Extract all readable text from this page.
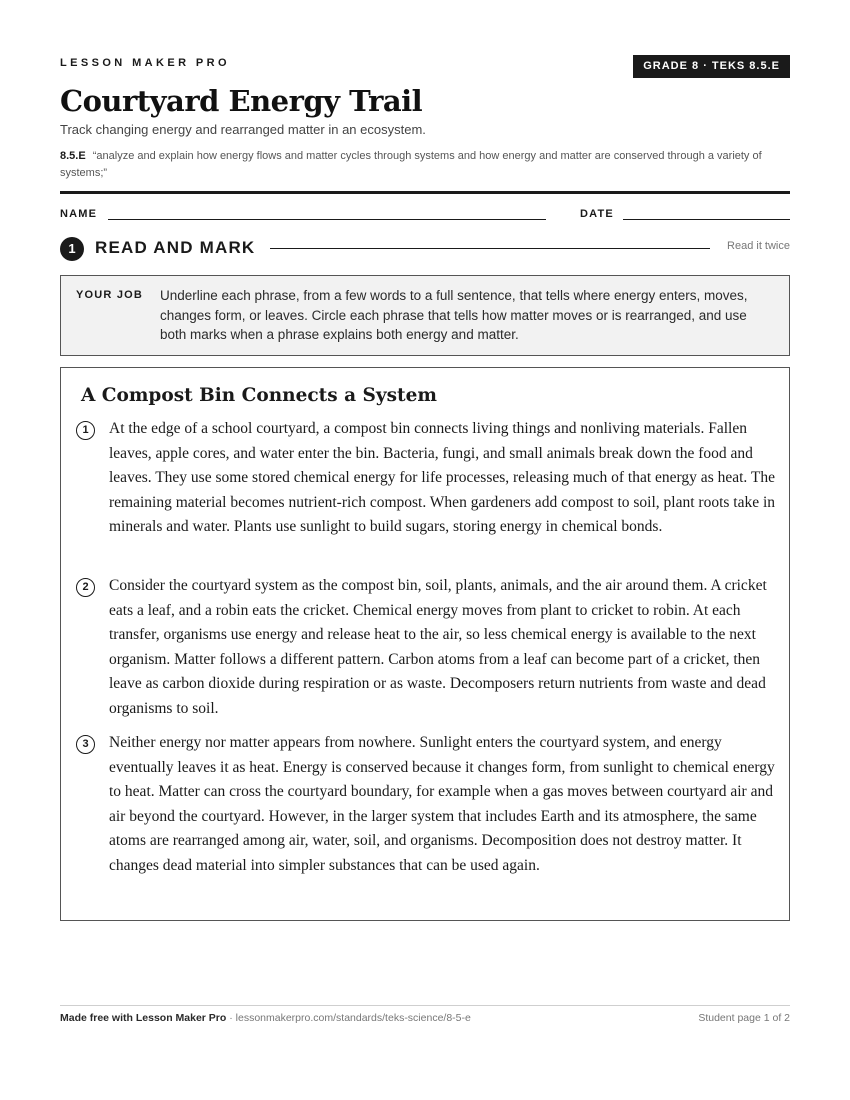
LESSON MAKER PRO	GRADE 8 · TEKS 8.5.E
Courtyard Energy Trail
Track changing energy and rearranged matter in an ecosystem.
8.5.E “analyze and explain how energy flows and matter cycles through systems and how energy and matter are conserved through a variety of systems;”
NAME	DATE
1	READ AND MARK	Read it twice
YOUR JOB Underline each phrase, from a few words to a full sentence, that tells where energy enters, moves, changes form, or leaves. Circle each phrase that tells how matter moves or is rearranged, and use both marks when a phrase explains both energy and matter.
A Compost Bin Connects a System
1	At the edge of a school courtyard, a compost bin connects living things and nonliving materials. Fallen leaves, apple cores, and water enter the bin. Bacteria, fungi, and small animals break down the food and leaves. They use some stored chemical energy for life processes, releasing much of that energy as heat. The remaining material becomes nutrient-rich compost. When gardeners add compost to soil, plant roots take in minerals and water. Plants use sunlight to build sugars, storing energy in chemical bonds.

2	Consider the courtyard system as the compost bin, soil, plants, animals, and the air around them. A cricket eats a leaf, and a robin eats the cricket. Chemical energy moves from plant to cricket to robin. At each transfer, organisms use energy and release heat to the air, so less chemical energy is available to the next organism. Matter follows a different pattern. Carbon atoms from a leaf can become part of a cricket, then leave as carbon dioxide during respiration or as waste. Decomposers return nutrients from waste and dead organisms to soil.

3	Neither energy nor matter appears from nowhere. Sunlight enters the courtyard system, and energy eventually leaves it as heat. Energy is conserved because it changes form, from sunlight to chemical energy to heat. Matter can cross the courtyard boundary, for example when a gas moves between courtyard air and air beyond the courtyard. However, in the larger system that includes Earth and its atmosphere, the same atoms are rearranged among air, water, soil, and organisms. Decomposition does not destroy matter. It changes dead material into simpler substances that can be used again.

Made free with Lesson Maker Pro · lessonmakerpro.com/standards/teks-science/8-5-e	Student page 1 of 2
